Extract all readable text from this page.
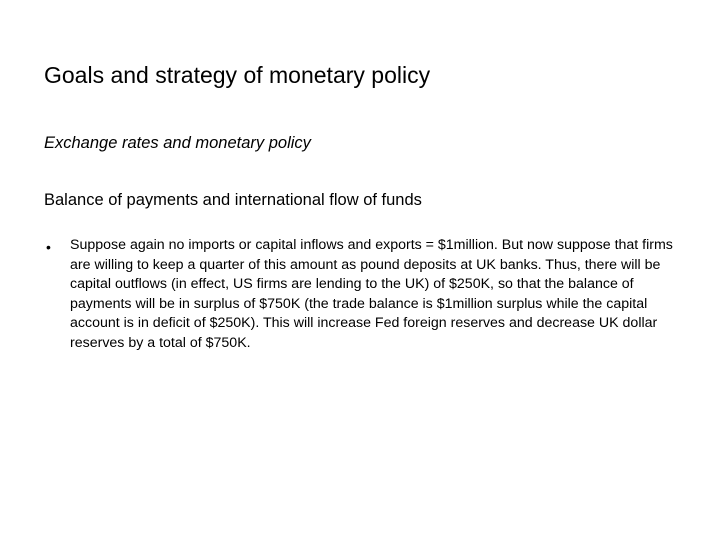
Goals and strategy of monetary policy
Exchange rates and monetary policy
Balance of payments and international flow of funds
• Suppose again no imports or capital inflows and exports = $1million. But now suppose that firms are willing to keep a quarter of this amount as pound deposits at UK banks. Thus, there will be capital outflows (in effect, US firms are lending to the UK) of $250K, so that the balance of payments will be in surplus of $750K (the trade balance is $1million surplus while the capital account is in deficit of $250K). This will increase Fed foreign reserves and decrease UK dollar reserves by a total of $750K.
